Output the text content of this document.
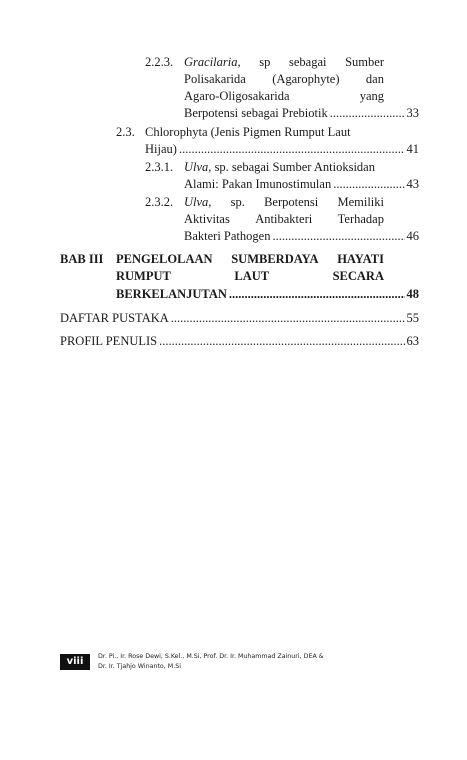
2.2.3. Gracilaria, sp sebagai Sumber
Polisakarida (Agarophyte) dan
Agaro-Oligosakarida	yang
Berpotensi sebagai Prebiotik .....	33
2.3. Chlorophyta (Jenis Pigmen Rumput Laut
Hijau) .....	41
2.3.1. Ulva, sp. sebagai Sumber Antioksidan
Alami: Pakan Imunostimulan .....	43
2.3.2. Ulva, sp. Berpotensi Memiliki
Aktivitas Antibakteri Terhadap
Bakteri Pathogen .....	46
BAB III PENGELOLAAN SUMBERDAYA HAYATI
RUMPUT	LAUT	SECARA
BERKELANJUTAN .....	48
DAFTAR PUSTAKA .....	55
PROFIL PENULIS .....	63
viii	Dr. Pi., Ir. Rose Dewi, S.Kel., M.Si, Prof. Dr. Ir. Muhammad Zainuri, DEA &
Dr. Ir. Tjahjo Winanto, M.Si
